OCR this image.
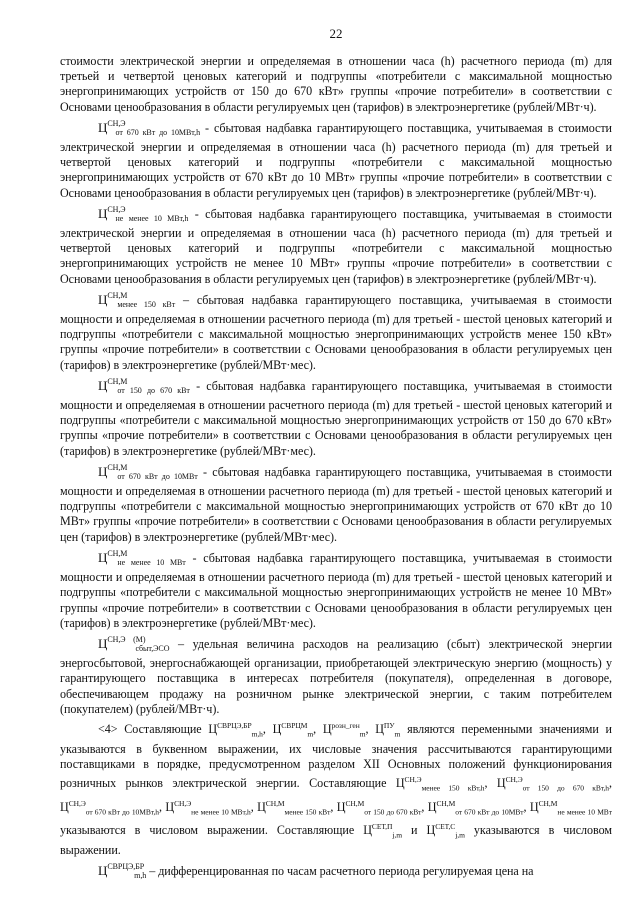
22

стоимости электрической энергии и определяемая в отношении часа (h) расчетного периода (m) для третьей и четвертой ценовых категорий и подгруппы «потребители с максимальной мощностью энергопринимающих устройств от 150 до 670 кВт» группы «прочие потребители» в соответствии с Основами ценообразования в области регулируемых цен (тарифов) в электроэнергетике (рублей/МВт·ч).

$Ц^{СН,Э}_{от 670 кВт до 10МВт,h}$ - сбытовая надбавка гарантирующего поставщика, учитываемая в стоимости электрической энергии и определяемая в отношении часа (h) расчетного периода (m) для третьей и четвертой ценовых категорий и подгруппы «потребители с максимальной мощностью энергопринимающих устройств от 670 кВт до 10 МВт» группы «прочие потребители» в соответствии с Основами ценообразования в области регулируемых цен (тарифов) в электроэнергетике (рублей/МВт·ч).

$Ц^{СН,Э}_{не менее 10 МВт,h}$ - сбытовая надбавка гарантирующего поставщика, учитываемая в стоимости электрической энергии и определяемая в отношении часа (h) расчетного периода (m) для третьей и четвертой ценовых категорий и подгруппы «потребители с максимальной мощностью энергопринимающих устройств не менее 10 МВт» группы «прочие потребители» в соответствии с Основами ценообразования в области регулируемых цен (тарифов) в электроэнергетике (рублей/МВт·ч).

$Ц^{СН,М}_{менее 150 кВт}$ – сбытовая надбавка гарантирующего поставщика, учитываемая в стоимости мощности и определяемая в отношении расчетного периода (m) для третьей - шестой ценовых категорий и подгруппы «потребители с максимальной мощностью энергопринимающих устройств менее 150 кВт» группы «прочие потребители» в соответствии с Основами ценообразования в области регулируемых цен (тарифов) в электроэнергетике (рублей/МВт·мес).

$Ц^{СН,М}_{от 150 до 670 кВт}$ - сбытовая надбавка гарантирующего поставщика, учитываемая в стоимости мощности и определяемая в отношении расчетного периода (m) для третьей - шестой ценовых категорий и подгруппы «потребители с максимальной мощностью энергопринимающих устройств от 150 до 670 кВт» группы «прочие потребители» в соответствии с Основами ценообразования в области регулируемых цен (тарифов) в электроэнергетике (рублей/МВт·мес).

$Ц^{СН,М}_{от 670 кВт до 10МВт}$ - сбытовая надбавка гарантирующего поставщика, учитываемая в стоимости мощности и определяемая в отношении расчетного периода (m) для третьей - шестой ценовых категорий и подгруппы «потребители с максимальной мощностью энергопринимающих устройств от 670 кВт до 10 МВт» группы «прочие потребители» в соответствии с Основами ценообразования в области регулируемых цен (тарифов) в электроэнергетике (рублей/МВт·мес).

$Ц^{СН,М}_{не менее 10 МВт}$ - сбытовая надбавка гарантирующего поставщика, учитываемая в стоимости мощности и определяемая в отношении расчетного периода (m) для третьей - шестой ценовых категорий и подгруппы «потребители с максимальной мощностью энергопринимающих устройств не менее 10 МВт» группы «прочие потребители» в соответствии с Основами ценообразования в области регулируемых цен (тарифов) в электроэнергетике (рублей/МВт·мес).

$Ц^{СН,Э (М)}_{сбыт,ЭСО}$ – удельная величина расходов на реализацию (сбыт) электрической энергии энергосбытовой, энергоснабжающей организации, приобретающей электрическую энергию (мощность) у гарантирующего поставщика в интересах потребителя (покупателя), определенная в договоре, обеспечивающем продажу на розничном рынке электрической энергии, с таким потребителем (покупателем) (рублей/МВт·ч).

<4> Составляющие $Ц^{СВРЦЭ,БР}_{m,h}$, $Ц^{СВРЦМ}_m$, $Ц^{розн\_ген}_m$, $Ц^{ПУ}_m$ являются переменными значениями и указываются в буквенном выражении, их числовые значения рассчитываются гарантирующими поставщиками в порядке, предусмотренном разделом XII Основных положений функционирования розничных рынков электрической энергии. Составляющие $Ц^{СН,Э}_{менее 150 кВт,h}$, $Ц^{СН,Э}_{от 150 до 670 кВт,h}$, $Ц^{СН,Э}_{от 670 кВт до 10МВт,h}$, $Ц^{СН,Э}_{не менее 10 МВт,h}$, $Ц^{СН,М}_{менее 150 кВт}$, $Ц^{СН,М}_{от 150 до 670 кВт}$, $Ц^{СН,М}_{от 670 кВт до 10МВт}$, $Ц^{СН,М}_{не менее 10 МВт}$ указываются в числовом выражении. Составляющие $Ц^{СЕТ,П}_{j,m}$ и $Ц^{СЕТ,С}_{j,m}$ указываются в числовом выражении.

$Ц^{СВРЦЭ,БР}_{m,h}$ – дифференцированная по часам расчетного периода регулируемая цена на
